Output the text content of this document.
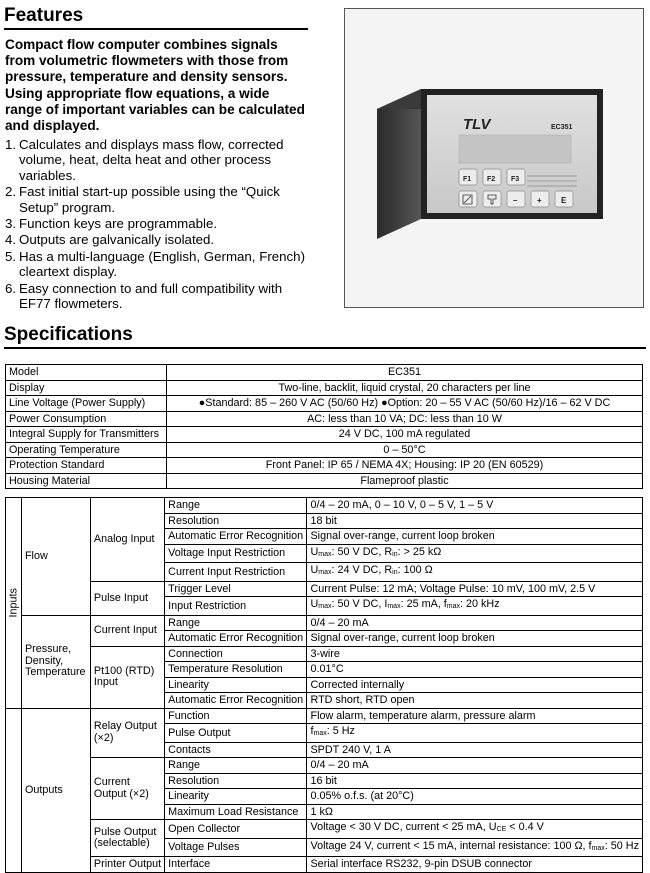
Features

Compact flow computer combines signals from volumetric flowmeters with those from pressure, temperature and density sensors. Using appropriate flow equations, a wide range of important variables can be calculated and displayed.

1. Calculates and displays mass flow, corrected volume, heat, delta heat and other process variables.
2. Fast initial start-up possible using the “Quick Setup” program.
3. Function keys are programmable.
4. Outputs are galvanically isolated.
5. Has a multi-language (English, German, French) cleartext display.
6. Easy connection to and full compatibility with EF77 flowmeters.
TLV	EC351
F1 F2 F3
– + E
Specifications
Model	EC351
Display	Two-line, backlit, liquid crystal, 20 characters per line
Line Voltage (Power Supply)	●Standard: 85 – 260 V AC (50/60 Hz) ●Option: 20 – 55 V AC (50/60 Hz)/16 – 62 V DC
Power Consumption	AC: less than 10 VA; DC: less than 10 W
Integral Supply for Transmitters	24 V DC, 100 mA regulated
Operating Temperature	0 – 50°C
Protection Standard	Front Panel: IP 65 / NEMA 4X; Housing: IP 20 (EN 60529)
Housing Material	Flameproof plastic
Inputs	Flow	Analog Input	Range	0/4 – 20 mA, 0 – 10 V, 0 – 5 V, 1 – 5 V
			Resolution	18 bit
			Automatic Error Recognition	Signal over-range, current loop broken
			Voltage Input Restriction	$U_{max}$: 50 V DC, $R_{in}$: > 25 kΩ
			Current Input Restriction	$U_{max}$: 24 V DC, $R_{in}$: 100 Ω
		Pulse Input	Trigger Level	Current Pulse: 12 mA; Voltage Pulse: 10 mV, 100 mV, 2.5 V
			Input Restriction	$U_{max}$: 50 V DC, $I_{max}$: 25 mA, $f_{max}$: 20 kHz
	Pressure, Density, Temperature	Current Input	Range	0/4 – 20 mA
			Automatic Error Recognition	Signal over-range, current loop broken
		Pt100 (RTD) Input	Connection	3-wire
			Temperature Resolution	0.01°C
			Linearity	Corrected internally
			Automatic Error Recognition	RTD short, RTD open
	Outputs	Relay Output (×2)	Function	Flow alarm, temperature alarm, pressure alarm
			Pulse Output	$f_{max}$: 5 Hz
			Contacts	SPDT 240 V, 1 A
		Current Output (×2)	Range	0/4 – 20 mA
			Resolution	16 bit
			Linearity	0.05% o.f.s. (at 20°C)
			Maximum Load Resistance	1 kΩ
		Pulse Output (selectable)	Open Collector	Voltage < 30 V DC, current < 25 mA, $U_{CE} < 0.4$ V
			Voltage Pulses	Voltage 24 V, current < 15 mA, internal resistance: 100 Ω, $f_{max}$: 50 Hz
		Printer Output	Interface	Serial interface RS232, 9-pin DSUB connector
